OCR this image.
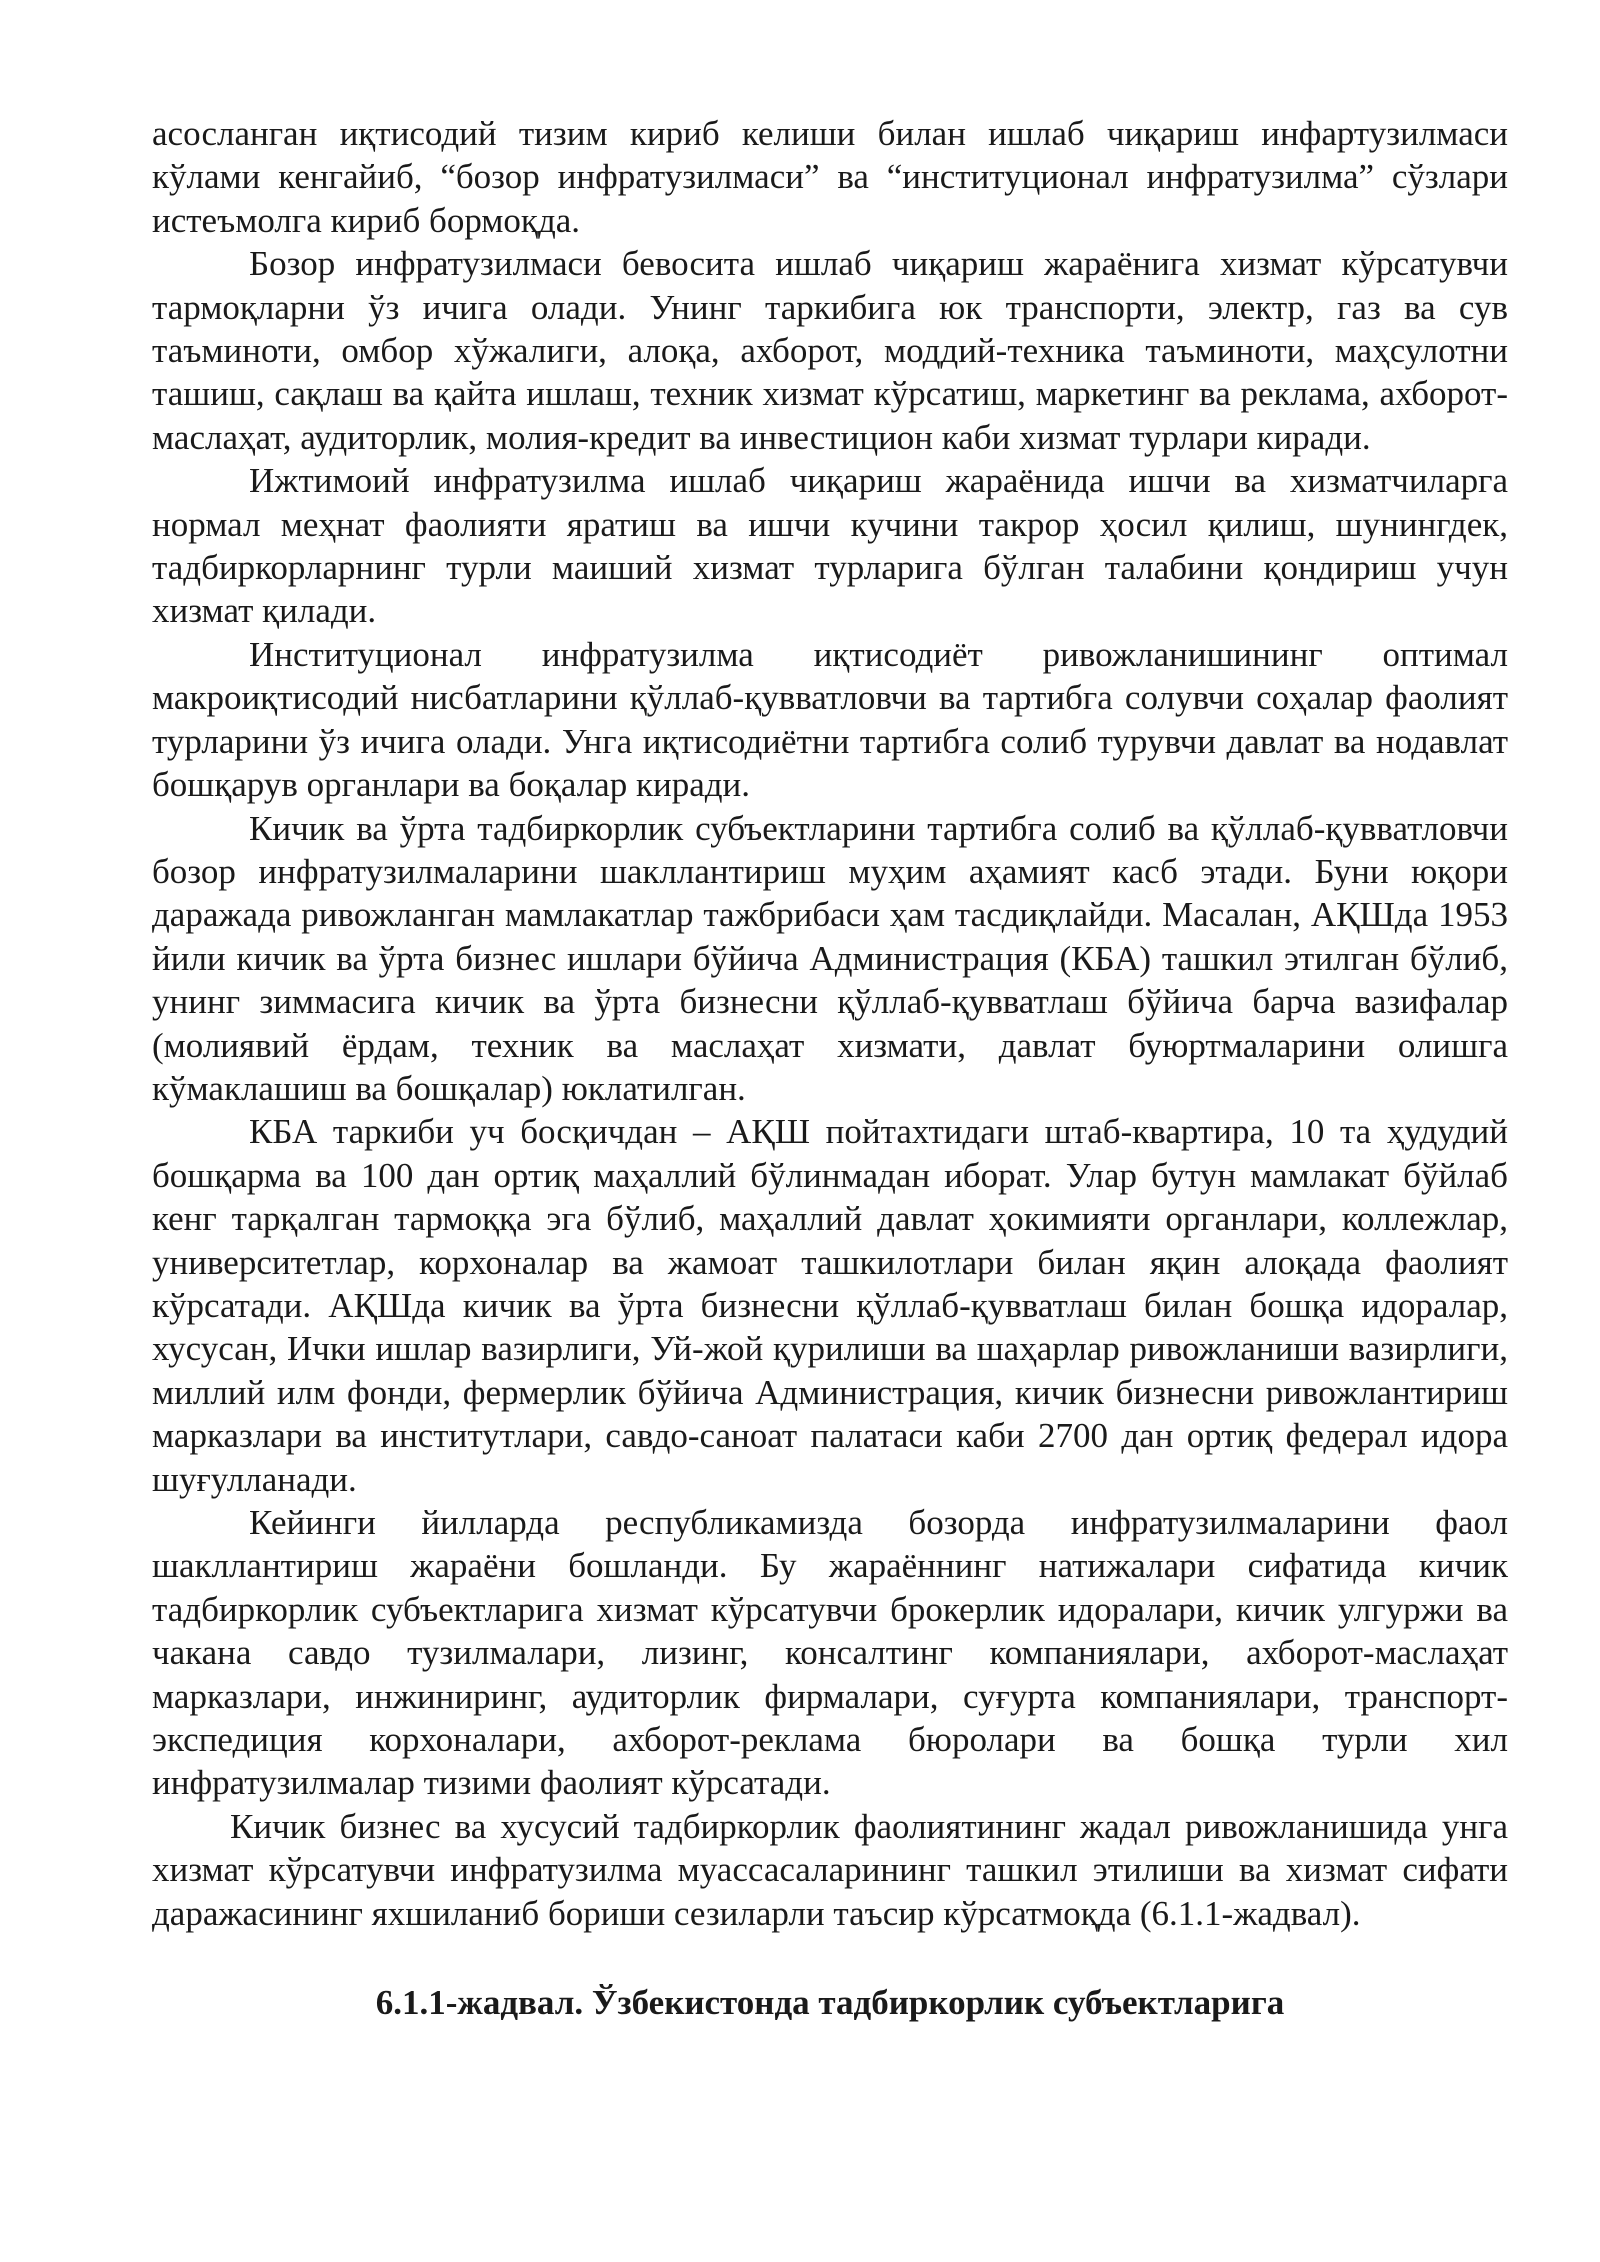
асосланган иқтисодий тизим кириб келиши билан ишлаб чиқариш инфартузилмаси кўлами кенгайиб, “бозор инфратузилмаси” ва “институционал инфратузилма” сўзлари истеъмолга кириб бормоқда.

Бозор инфратузилмаси бевосита ишлаб чиқариш жараёнига хизмат кўрсатувчи тармоқларни ўз ичига олади. Унинг таркибига юк транспорти, электр, газ ва сув таъминоти, омбор хўжалиги, алоқа, ахборот, моддий-техника таъминоти, маҳсулотни ташиш, сақлаш ва қайта ишлаш, техник хизмат кўрсатиш, маркетинг ва реклама, ахборот-маслаҳат, аудиторлик, молия-кредит ва инвестицион каби хизмат турлари киради.

Ижтимоий инфратузилма ишлаб чиқариш жараёнида ишчи ва хизматчиларга нормал меҳнат фаолияти яратиш ва ишчи кучини такрор ҳосил қилиш, шунингдек, тадбиркорларнинг турли маиший хизмат турларига бўлган талабини қондириш учун хизмат қилади.

Институционал инфратузилма иқтисодиёт ривожланишининг оптимал макроиқтисодий нисбатларини қўллаб-қувватловчи ва тартибга солувчи соҳалар фаолият турларини ўз ичига олади. Унга иқтисодиётни тартибга солиб турувчи давлат ва нодавлат бошқарув органлари ва боқалар киради.

Кичик ва ўрта тадбиркорлик субъектларини тартибга солиб ва қўллаб-қувватловчи бозор инфратузилмаларини шакллантириш муҳим аҳамият касб этади. Буни юқори даражада ривожланган мамлакатлар тажбрибаси ҳам тасдиқлайди. Масалан, АҚШда 1953 йили кичик ва ўрта бизнес ишлари бўйича Администрация (КБА) ташкил этилган бўлиб, унинг зиммасига кичик ва ўрта бизнесни қўллаб-қувватлаш бўйича барча вазифалар (молиявий ёрдам, техник ва маслаҳат хизмати, давлат буюртмаларини олишга кўмаклашиш ва бошқалар) юклатилган.

КБА таркиби уч босқичдан – АҚШ пойтахтидаги штаб-квартира, 10 та ҳудудий бошқарма ва 100 дан ортиқ маҳаллий бўлинмадан иборат. Улар бутун мамлакат бўйлаб кенг тарқалган тармоққа эга бўлиб, маҳаллий давлат ҳокимияти органлари, коллежлар, университетлар, корхоналар ва жамоат ташкилотлари билан яқин алоқада фаолият кўрсатади. АҚШда кичик ва ўрта бизнесни қўллаб-қувватлаш билан бошқа идоралар, хусусан, Ички ишлар вазирлиги, Уй-жой қурилиши ва шаҳарлар ривожланиши вазирлиги, миллий илм фонди, фермерлик бўйича Администрация, кичик бизнесни ривожлантириш марказлари ва институтлари, савдо-саноат палатаси каби 2700 дан ортиқ федерал идора шуғулланади.

Кейинги йилларда республикамизда бозорда инфратузилмаларини фаол шакллантириш жараёни бошланди. Бу жараённинг натижалари сифатида кичик тадбиркорлик субъектларига хизмат кўрсатувчи брокерлик идоралари, кичик улгуржи ва чакана савдо тузилмалари, лизинг, консалтинг компаниялари, ахборот-маслаҳат марказлари, инжиниринг, аудиторлик фирмалари, суғурта компаниялари, транспорт-экспедиция корхоналари, ахборот-реклама бюролари ва бошқа турли хил инфратузилмалар тизими фаолият кўрсатади.

Кичик бизнес ва хусусий тадбиркорлик фаолиятининг жадал ривожланишида унга хизмат кўрсатувчи инфратузилма муассасаларининг ташкил этилиши ва хизмат сифати даражасининг яхшиланиб бориши сезиларли таъсир кўрсатмоқда (6.1.1-жадвал).

6.1.1-жадвал. Ўзбекистонда тадбиркорлик субъектларига
